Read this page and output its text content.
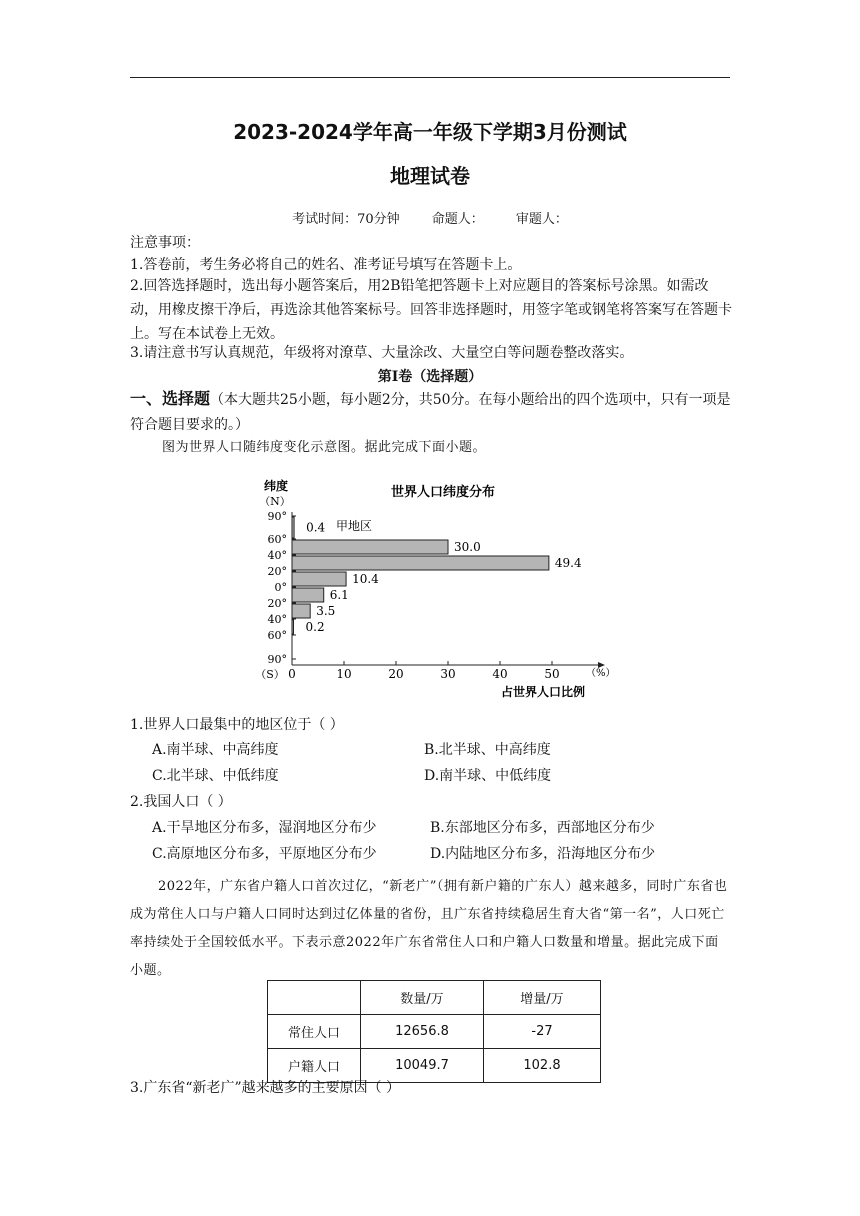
2023-2024学年高一年级下学期3月份测试
地理试卷
考试时间：70分钟 命题人： 审题人：
注意事项：
1.答卷前，考生务必将自己的姓名、准考证号填写在答题卡上。
2.回答选择题时，选出每小题答案后，用2B铅笔把答题卡上对应题目的答案标号涂黑。如需改动，用橡皮擦干净后，再选涂其他答案标号。回答非选择题时，用签字笔或钢笔将答案写在答题卡上。写在本试卷上无效。
3.请注意书写认真规范，年级将对潦草、大量涂改、大量空白等问题卷整改落实。
第Ⅰ卷（选择题）
一、选择题（本大题共25小题，每小题2分，共50分。在每小题给出的四个选项中，只有一项是符合题目要求的。）
图为世界人口随纬度变化示意图。据此完成下面小题。
世界人口纬度分布
纬度
（N）
（S）
占世界人口比例
（%）
甲地区
0.4
30.0
49.4
10.4
6.1
3.5
0.2
90°
60°
40°
20°
0°
20°
40°
60°
90°
0	10	20	30	40	50
1.世界人口最集中的地区位于（ ）
A.南半球、中高纬度	B.北半球、中高纬度
C.北半球、中低纬度	D.南半球、中低纬度
2.我国人口（ ）
A.干旱地区分布多，湿润地区分布少	B.东部地区分布多，西部地区分布少
C.高原地区分布多，平原地区分布少	D.内陆地区分布多，沿海地区分布少
2022年，广东省户籍人口首次过亿，“新老广”（拥有新户籍的广东人）越来越多，同时广东省也成为常住人口与户籍人口同时达到过亿体量的省份，且广东省持续稳居生育大省“第一名”，人口死亡率持续处于全国较低水平。下表示意2022年广东省常住人口和户籍人口数量和增量。据此完成下面小题。
	数量/万	增量/万
常住人口	12656.8	-27
户籍人口	10049.7	102.8
3.广东省“新老广”越来越多的主要原因（ ）
